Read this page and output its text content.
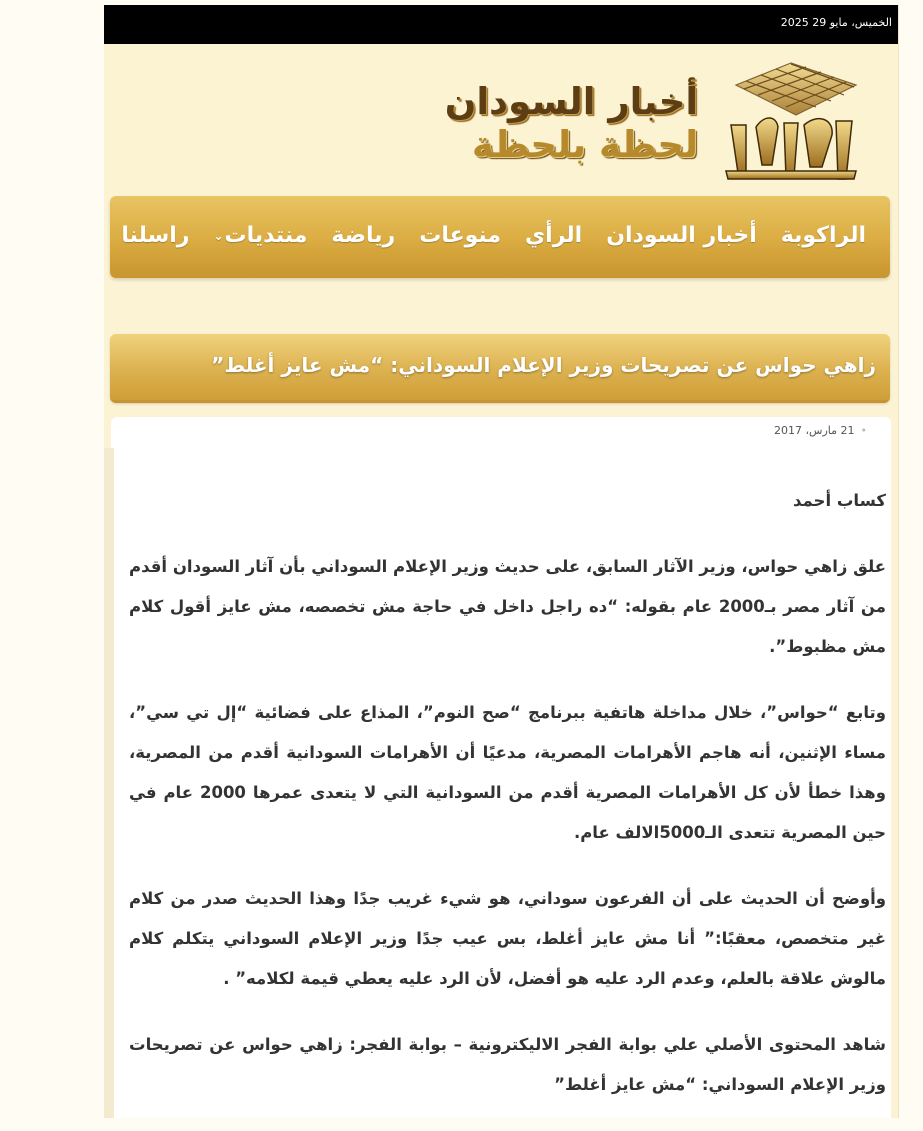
الخميس، مايو 29 2025
أخبار السودان
لحظة بلحظة
الراكوبة
أخبار السودان
الرأي
منوعات
رياضة
منتديات⌄
راسلنا
زاهي حواس عن تصريحات وزير الإعلام السوداني: “مش عايز أغلط”
•21 مارس، 2017

كساب أحمد

علق زاهي حواس، وزير الآثار السابق، على حديث وزير الإعلام السوداني بأن آثار السودان أقدم من آثار مصر بـ2000 عام بقوله: “ده راجل داخل في حاجة مش تخصصه، مش عايز أقول كلام مش مظبوط”.

وتابع “حواس”، خلال مداخلة هاتفية ببرنامج “صح النوم”، المذاع على فضائية “إل تي سي”، مساء الإثنين، أنه هاجم الأهرامات المصرية، مدعيًا أن الأهرامات السودانية أقدم من المصرية، وهذا خطأ لأن كل الأهرامات المصرية أقدم من السودانية التي لا يتعدى عمرها 2000 عام في حين المصرية تتعدى الـ5000الالف عام.

وأوضح أن الحديث على أن الفرعون سوداني، هو شيء غريب جدًا وهذا الحديث صدر من كلام غير متخصص، معقبًا:” أنا مش عايز أغلط، بس عيب جدًا وزير الإعلام السوداني يتكلم كلام مالوش علاقة بالعلم، وعدم الرد عليه هو أفضل، لأن الرد عليه يعطي قيمة لكلامه” .

شاهد المحتوى الأصلي علي بوابة الفجر الاليكترونية – بوابة الفجر: زاهي حواس عن تصريحات وزير الإعلام السوداني: “مش عايز أغلط”
